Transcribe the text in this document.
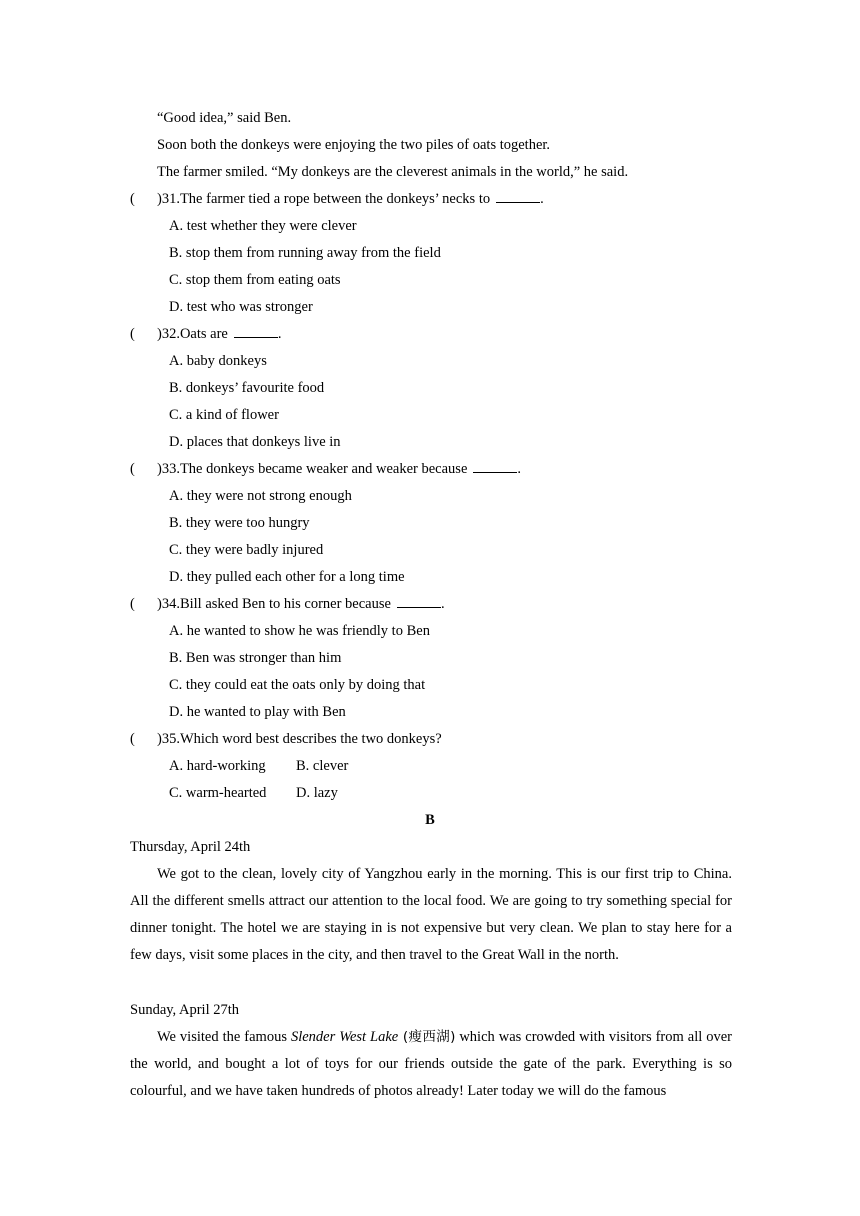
“Good idea,” said Ben.
Soon both the donkeys were enjoying the two piles of oats together.
The farmer smiled. “My donkeys are the cleverest animals in the world,” he said.
( )31.The farmer tied a rope between the donkeys’ necks to	.
A. test whether they were clever
B. stop them from running away from the field
C. stop them from eating oats
D. test who was stronger
( )32.Oats are	.
A. baby donkeys
B. donkeys’ favourite food
C. a kind of flower
D. places that donkeys live in
( )33.The donkeys became weaker and weaker because	.
A. they were not strong enough
B. they were too hungry
C. they were badly injured
D. they pulled each other for a long time
( )34.Bill asked Ben to his corner because	.
A. he wanted to show he was friendly to Ben
B. Ben was stronger than him
C. they could eat the oats only by doing that
D. he wanted to play with Ben
( )35.Which word best describes the two donkeys?
A. hard-working B. clever
C. warm-hearted D. lazy
B
Thursday, April 24th

We got to the clean, lovely city of Yangzhou early in the morning. This is our first trip to China. All the different smells attract our attention to the local food. We are going to try something special for dinner tonight. The hotel we are staying in is not expensive but very clean. We plan to stay here for a few days, visit some places in the city, and then travel to the Great Wall in the north.

Sunday, April 27th

We visited the famous Slender West Lake (瘦西湖) which was crowded with visitors from all over the world, and bought a lot of toys for our friends outside the gate of the park. Everything is so colourful, and we have taken hundreds of photos already! Later today we will do the famous
